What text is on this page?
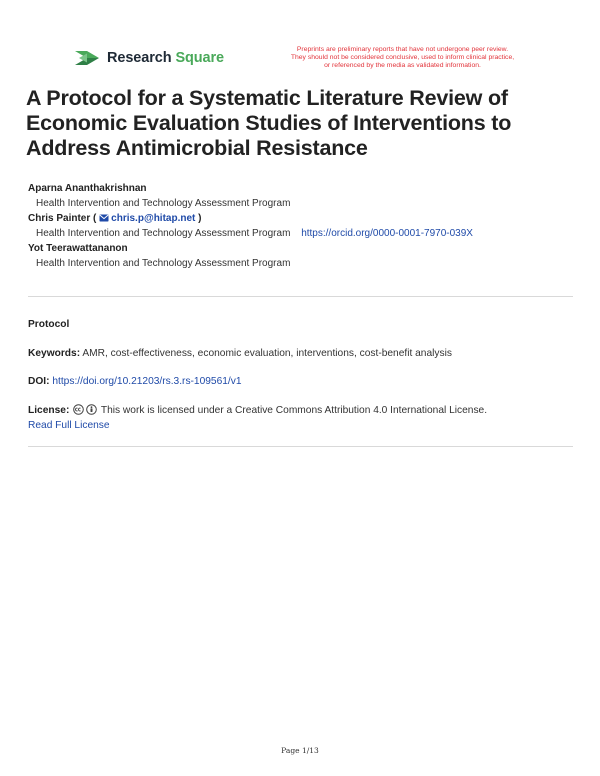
Research Square
Preprints are preliminary reports that have not undergone peer review.
They should not be considered conclusive, used to inform clinical practice,
or referenced by the media as validated information.
A Protocol for a Systematic Literature Review of Economic Evaluation Studies of Interventions to Address Antimicrobial Resistance

Aparna Ananthakrishnan

Health Intervention and Technology Assessment Program

Chris Painter ( chris.p@hitap.net )

Health Intervention and Technology Assessment Program https://orcid.org/0000-0001-7970-039X

Yot Teerawattananon

Health Intervention and Technology Assessment Program

Protocol
Keywords: AMR, cost-effectiveness, economic evaluation, interventions, cost-benefit analysis
DOI: https://doi.org/10.21203/rs.3.rs-109561/v1
License:	This work is licensed under a Creative Commons Attribution 4.0 International License.
Read Full License
Page 1/13
